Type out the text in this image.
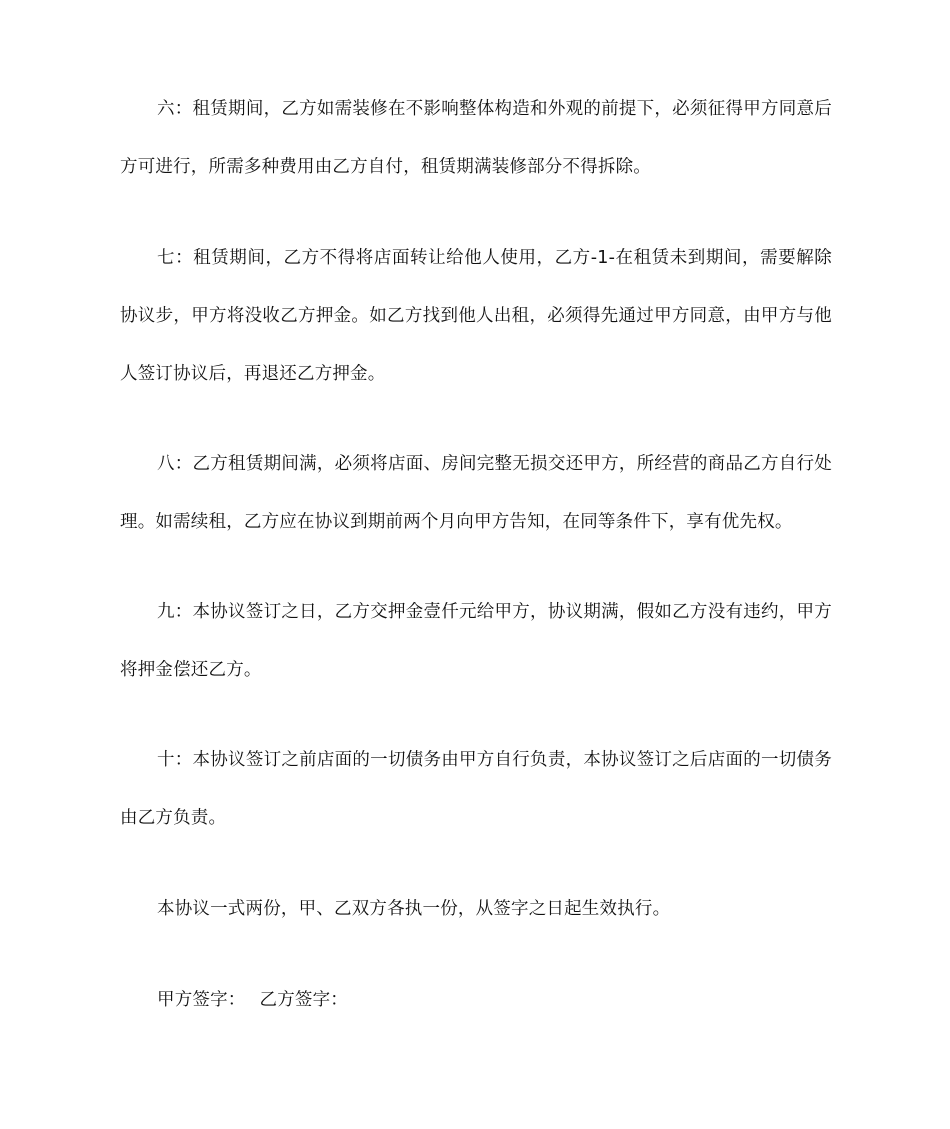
六：租赁期间，乙方如需装修在不影响整体构造和外观的前提下，必须征得甲方同意后方可进行，所需多种费用由乙方自付，租赁期满装修部分不得拆除。

七：租赁期间，乙方不得将店面转让给他人使用，乙方-1-在租赁未到期间，需要解除协议步，甲方将没收乙方押金。如乙方找到他人出租，必须得先通过甲方同意，由甲方与他人签订协议后，再退还乙方押金。

八：乙方租赁期间满，必须将店面、房间完整无损交还甲方，所经营的商品乙方自行处理。如需续租，乙方应在协议到期前两个月向甲方告知，在同等条件下，享有优先权。

九：本协议签订之日，乙方交押金壹仟元给甲方，协议期满，假如乙方没有违约，甲方将押金偿还乙方。

十：本协议签订之前店面的一切债务由甲方自行负责，本协议签订之后店面的一切债务由乙方负责。

本协议一式两份，甲、乙双方各执一份，从签字之日起生效执行。

甲方签字： 乙方签字：
